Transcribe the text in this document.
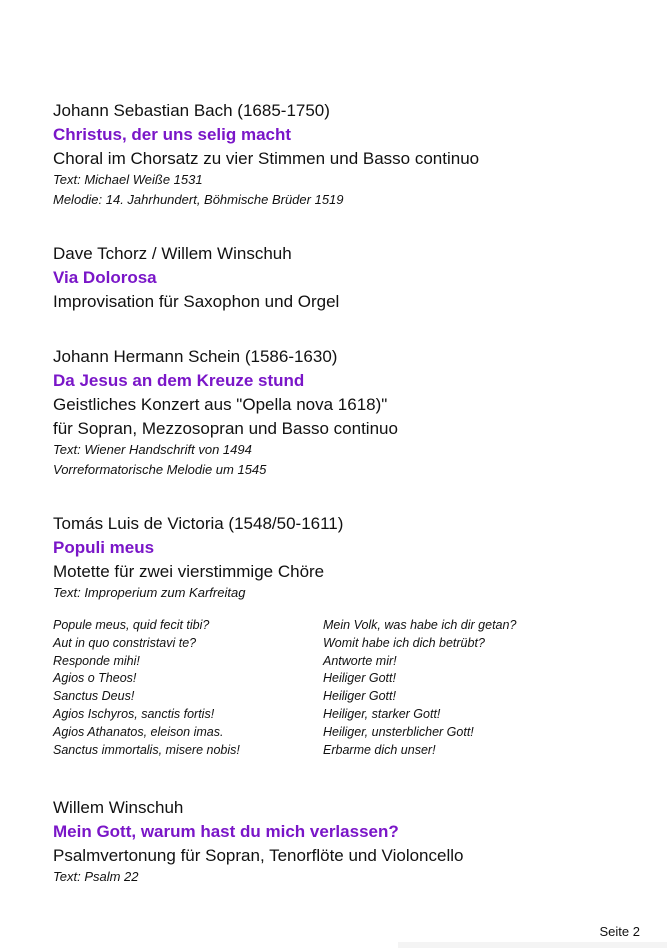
Johann Sebastian Bach (1685-1750)
Christus, der uns selig macht
Choral im Chorsatz zu vier Stimmen und Basso continuo
Text: Michael Weiße 1531
Melodie: 14. Jahrhundert, Böhmische Brüder 1519
Dave Tchorz / Willem Winschuh
Via Dolorosa
Improvisation für Saxophon und Orgel
Johann Hermann Schein (1586-1630)
Da Jesus an dem Kreuze stund
Geistliches Konzert aus "Opella nova 1618)"
für Sopran, Mezzosopran und Basso continuo
Text: Wiener Handschrift von 1494
Vorreformatorische Melodie um 1545
Tomás Luis de Victoria (1548/50-1611)
Populi meus
Motette für zwei vierstimmige Chöre
Text: Improperium zum Karfreitag
Popule meus, quid fecit tibi?
Aut in quo constristavi te?
Responde mihi!
Agios o Theos!
Sanctus Deus!
Agios Ischyros, sanctis fortis!
Agios Athanatos, eleison imas.
Sanctus immortalis, misere nobis!
Mein Volk, was habe ich dir getan?
Womit habe ich dich betrübt?
Antworte mir!
Heiliger Gott!
Heiliger Gott!
Heiliger, starker Gott!
Heiliger, unsterblicher Gott!
Erbarme dich unser!
Willem Winschuh
Mein Gott, warum hast du mich verlassen?
Psalmvertonung für Sopran, Tenorflöte und Violoncello
Text: Psalm 22
Seite 2
